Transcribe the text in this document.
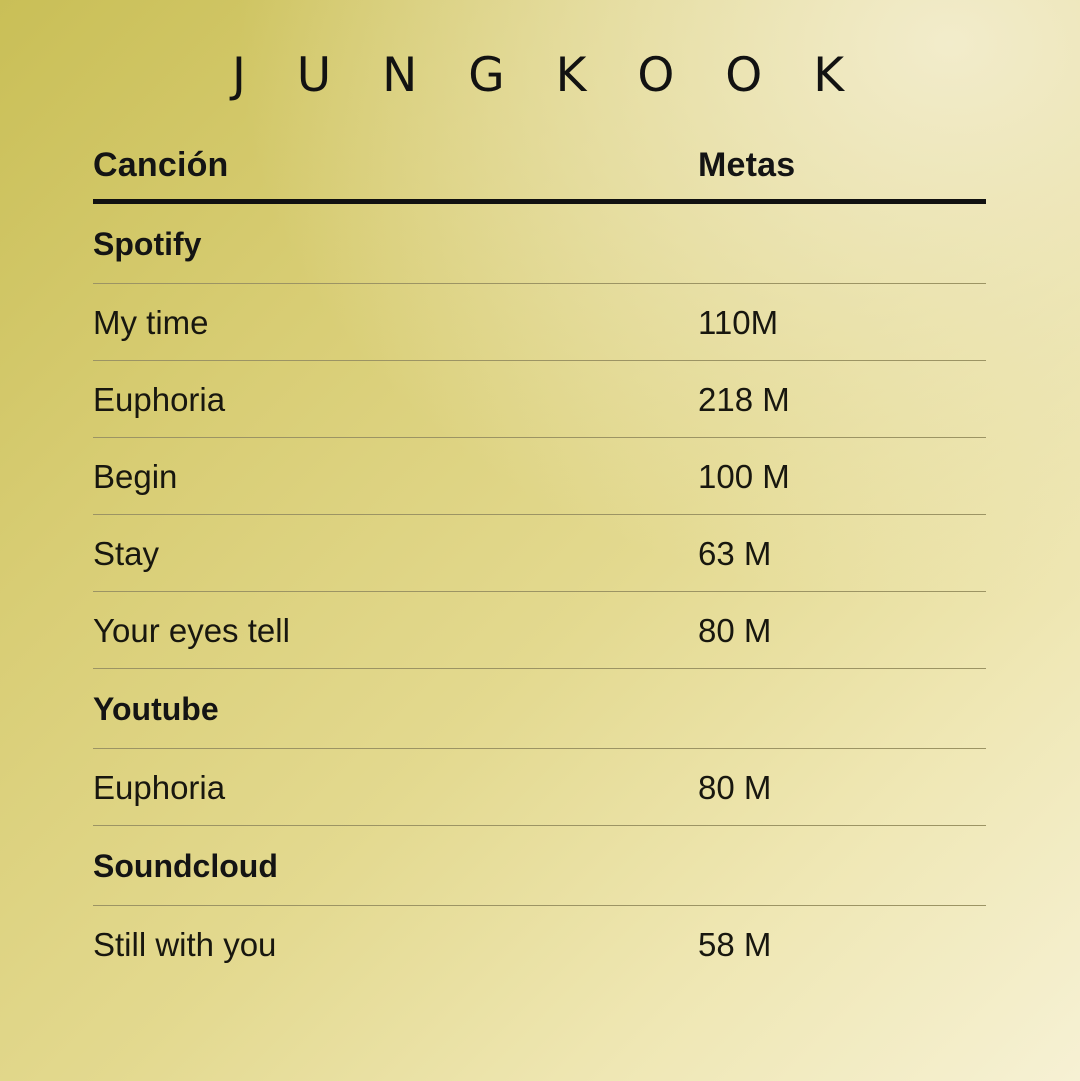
J U N G K O O K
Canción	Metas
Spotify
My time	110M
Euphoria	218 M
Begin	100 M
Stay	63 M
Your eyes tell	80 M
Youtube
Euphoria	80 M
Soundcloud
Still with you	58 M
